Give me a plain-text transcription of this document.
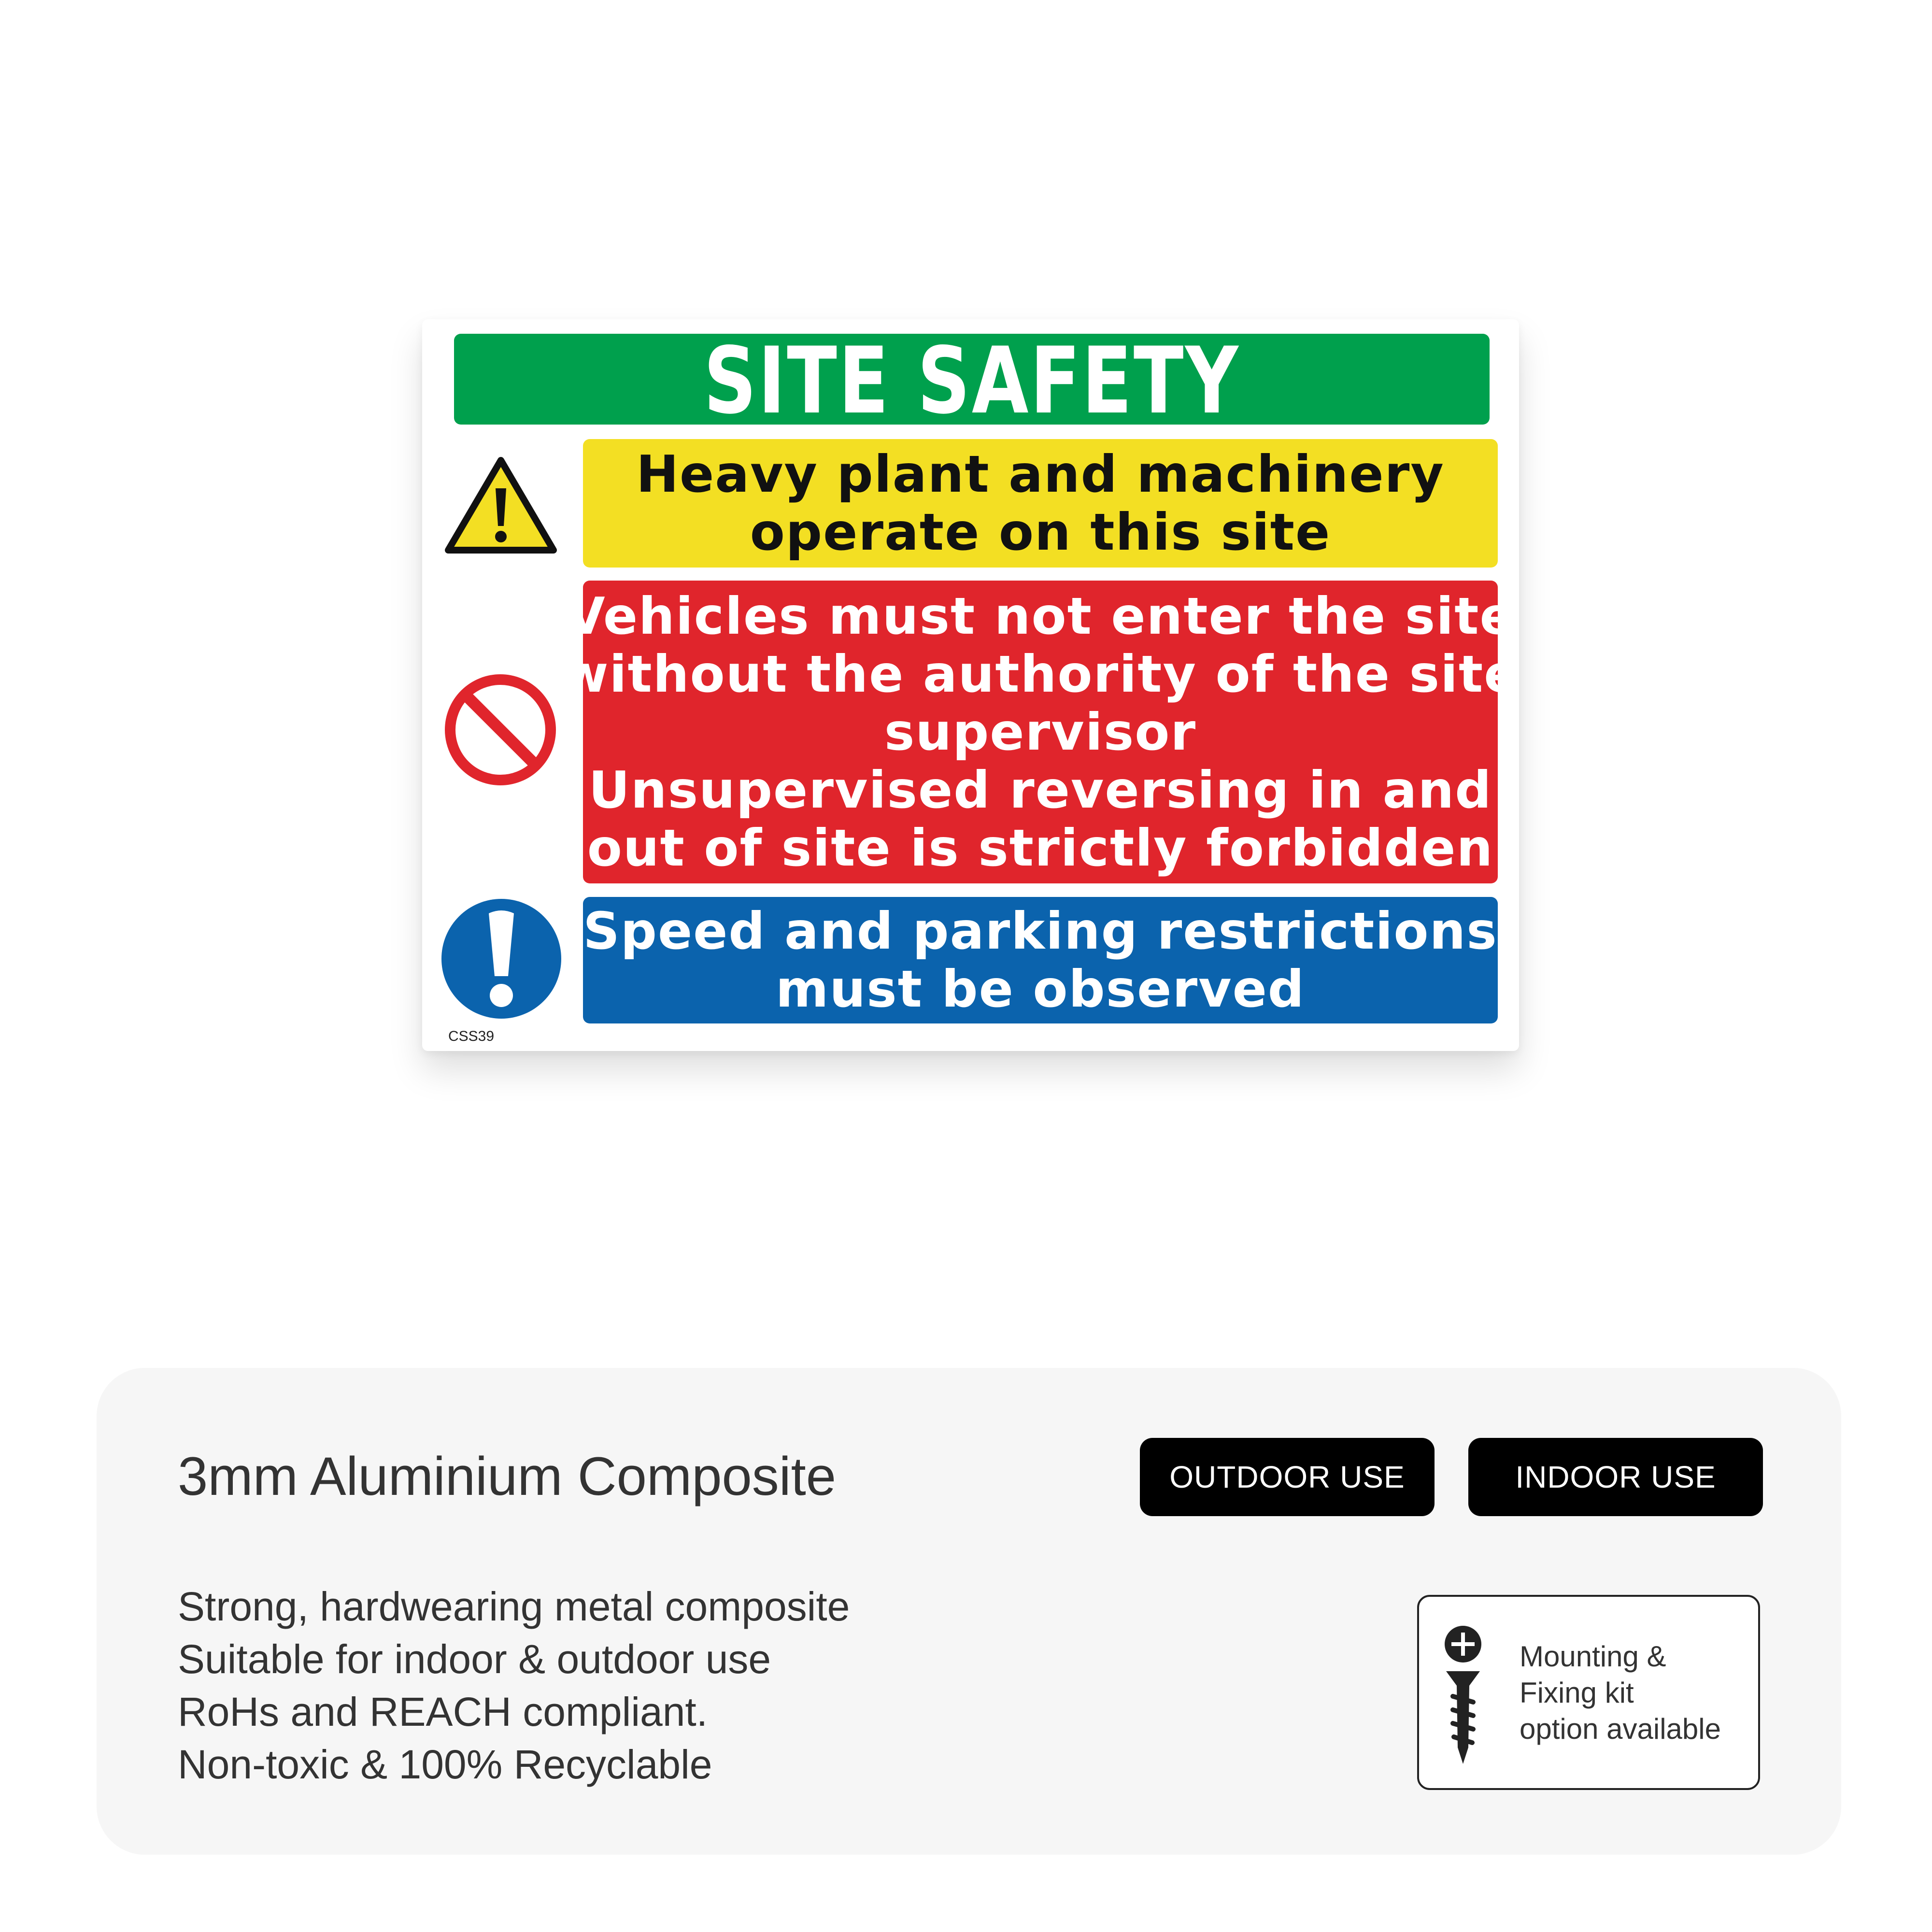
SITE SAFETY
Heavy plant and machinery
operate on this site
Vehicles must not enter the site
without the authority of the site
supervisor
Unsupervised reversing in and
out of site is strictly forbidden
Speed and parking restrictions
must be observed
CSS39
3mm Aluminium Composite	OUTDOOR USE	INDOOR USE
Strong, hardwearing metal composite
Suitable for indoor & outdoor use
RoHs and REACH compliant.
Non-toxic & 100% Recyclable
Mounting &
Fixing kit
option available
